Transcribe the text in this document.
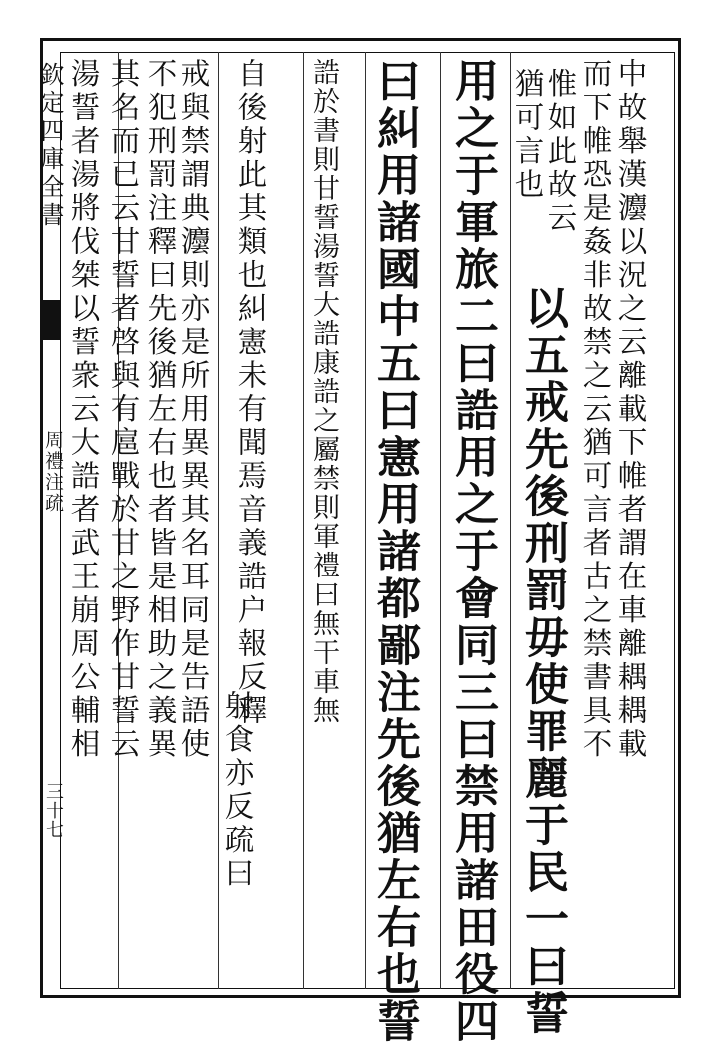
欽定四庫全書
周禮注疏
三十七
中故舉漢灋以況之云離載下帷者謂在車離耦耦載
而下帷恐是姦非故禁之云猶可言者古之禁書具不
惟如此故云
猶可言也
以五戒先後刑罰毋使罪麗于民一曰誓
用之于軍旅二曰誥用之于會同三曰禁用諸田役四
曰糾用諸國中五曰憲用諸都鄙注先後猶左右也誓
誥於書則甘誓湯誓大誥康誥之屬禁則軍禮曰無干車無
自後射此其類也糾憲未有聞焉音義誥户報反釋
射食亦反疏曰
戒與禁謂典灋則亦是所用異異其名耳同是告語使
不犯刑罰注釋曰先後猶左右也者皆是相助之義異
其名而已云甘誓者啓與有扈戰於甘之野作甘誓云
湯誓者湯將伐桀以誓衆云大誥者武王崩周公輔相
